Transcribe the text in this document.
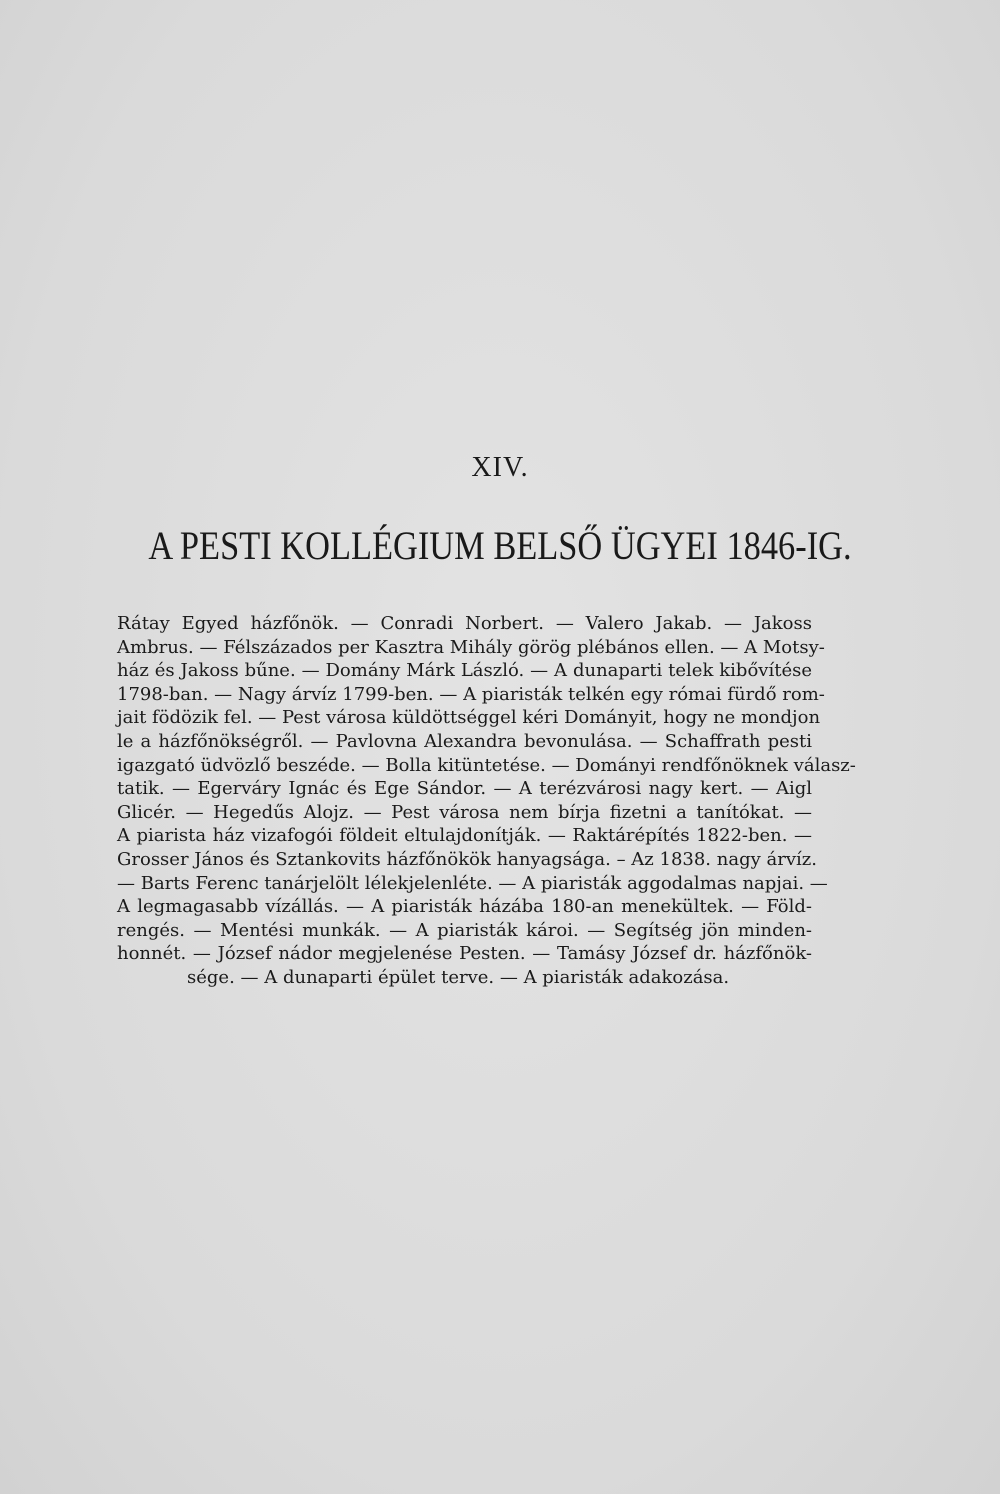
XIV.
A PESTI KOLLÉGIUM BELSŐ ÜGYEI 1846-IG.
Rátay Egyed házfőnök. — Conradi Norbert. — Valero Jakab. — Jakoss
Ambrus. — Félszázados per Kasztra Mihály görög plébános ellen. — A Motsy-
ház és Jakoss bűne. — Domány Márk László. — A dunaparti telek kibővítése
1798-ban. — Nagy árvíz 1799-ben. — A piaristák telkén egy római fürdő rom-
jait födözik fel. — Pest városa küldöttséggel kéri Dományit, hogy ne mondjon
le a házfőnökségről. — Pavlovna Alexandra bevonulása. — Schaffrath pesti
igazgató üdvözlő beszéde. — Bolla kitüntetése. — Dományi rendfőnöknek válasz-
tatik. — Egerváry Ignác és Ege Sándor. — A terézvárosi nagy kert. — Aigl
Glicér. — Hegedűs Alojz. — Pest városa nem bírja fizetni a tanítókat. —
A piarista ház vizafogói földeit eltulajdonítják. — Raktárépítés 1822-ben. —
Grosser János és Sztankovits házfőnökök hanyagsága. – Az 1838. nagy árvíz.
— Barts Ferenc tanárjelölt lélekjelenléte. — A piaristák aggodalmas napjai. —
A legmagasabb vízállás. — A piaristák házába 180-an menekültek. — Föld-
rengés. — Mentési munkák. — A piaristák károi. — Segítség jön minden-
honnét. — József nádor megjelenése Pesten. — Tamásy József dr. házfőnök-
sége. — A dunaparti épület terve. — A piaristák adakozása.
